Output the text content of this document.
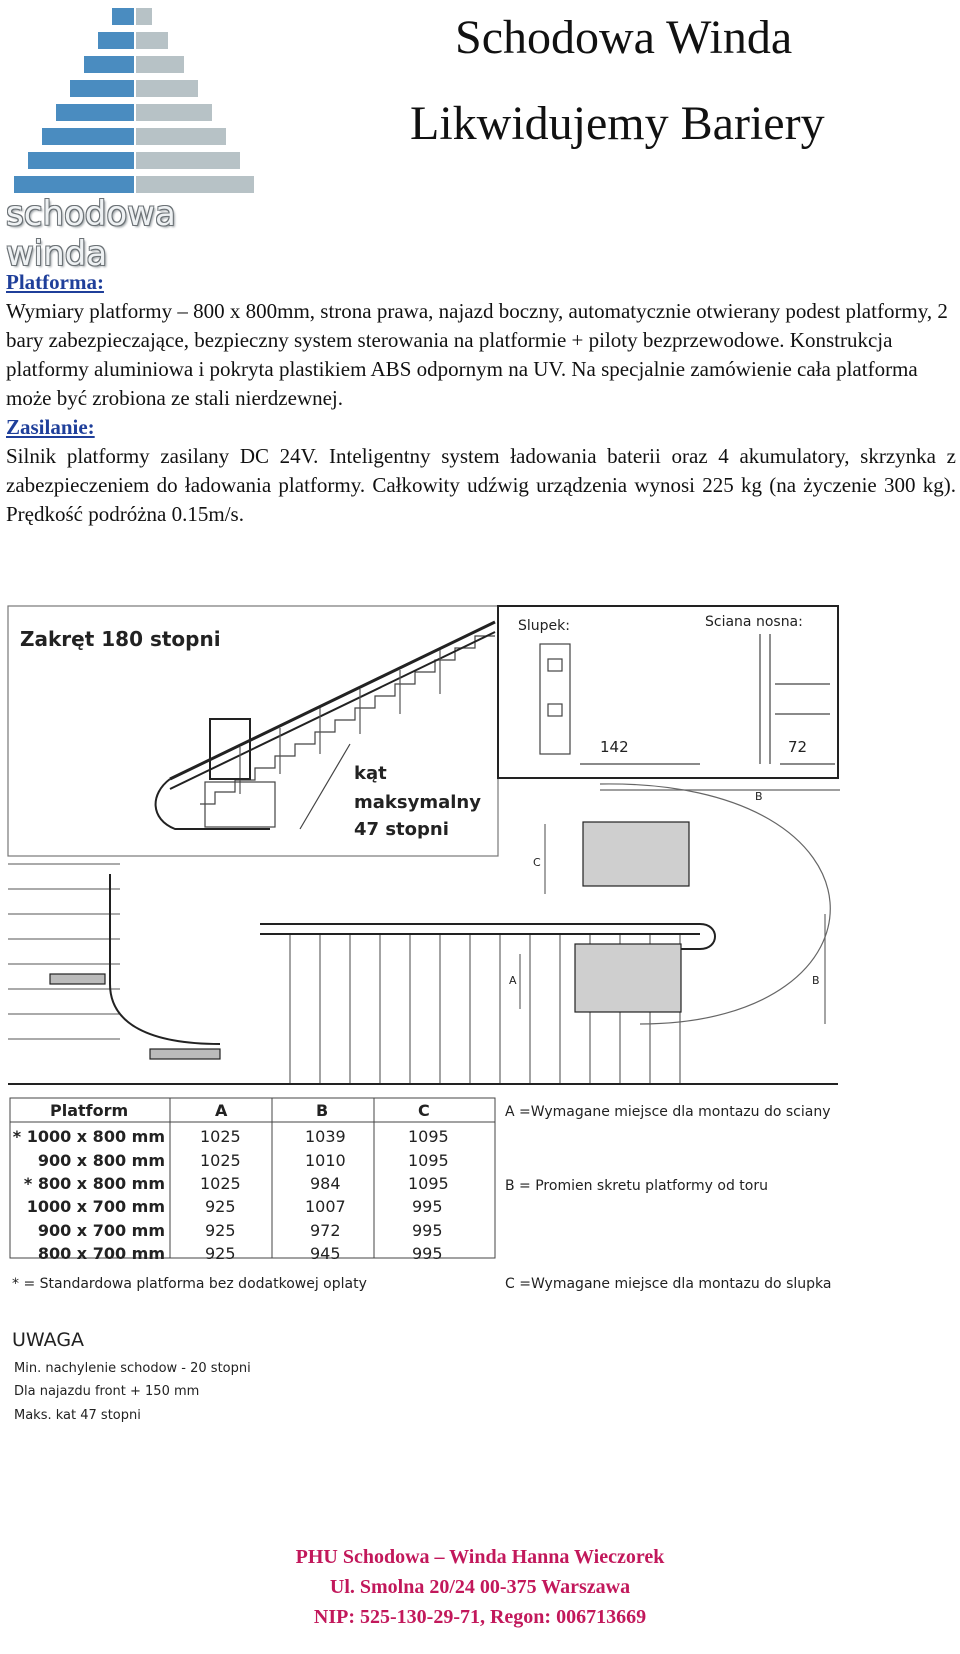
schodowa winda
Schodowa Winda
Likwidujemy Bariery
Platforma:

Wymiary platformy – 800 x 800mm, strona prawa, najazd boczny, automatycznie otwierany podest platformy, 2 bary zabezpieczające, bezpieczny system sterowania na platformie + piloty bezprzewodowe. Konstrukcja platformy aluminiowa i pokryta plastikiem ABS odpornym na UV. Na specjalnie zamówienie cała platforma może być zrobiona ze stali nierdzewnej.

Zasilanie:

Silnik platformy zasilany DC 24V. Inteligentny system ładowania baterii oraz 4 akumulatory, skrzynka z zabezpieczeniem do ładowania platformy. Całkowity udźwig urządzenia wynosi 225 kg (na życzenie 300 kg). Prędkość podróżna 0.15m/s.

Zakręt 180 stopni
kąt
maksymalny
47 stopni
Slupek:	Sciana nosna:
142	72
B
C
A	B
Platform	A	B	C
* 1000 x 800 mm 1025	1039	1095
900 x 800 mm 1025	1010	1095
* 800 x 800 mm 1025	984	1095
1000 x 700 mm	925	1007	995
900 x 700 mm	925	972	995
800 x 700 mm	925	945	995
* = Standardowa platforma bez dodatkowej oplaty
A =Wymagane miejsce dla montazu do sciany
B = Promien skretu platformy od toru
C =Wymagane miejsce dla montazu do slupka
UWAGA
Min. nachylenie schodow - 20 stopni
Dla najazdu front + 150 mm
Maks. kat 47 stopni
PHU Schodowa – Winda Hanna Wieczorek
Ul. Smolna 20/24 00-375 Warszawa
NIP: 525-130-29-71, Regon: 006713669
